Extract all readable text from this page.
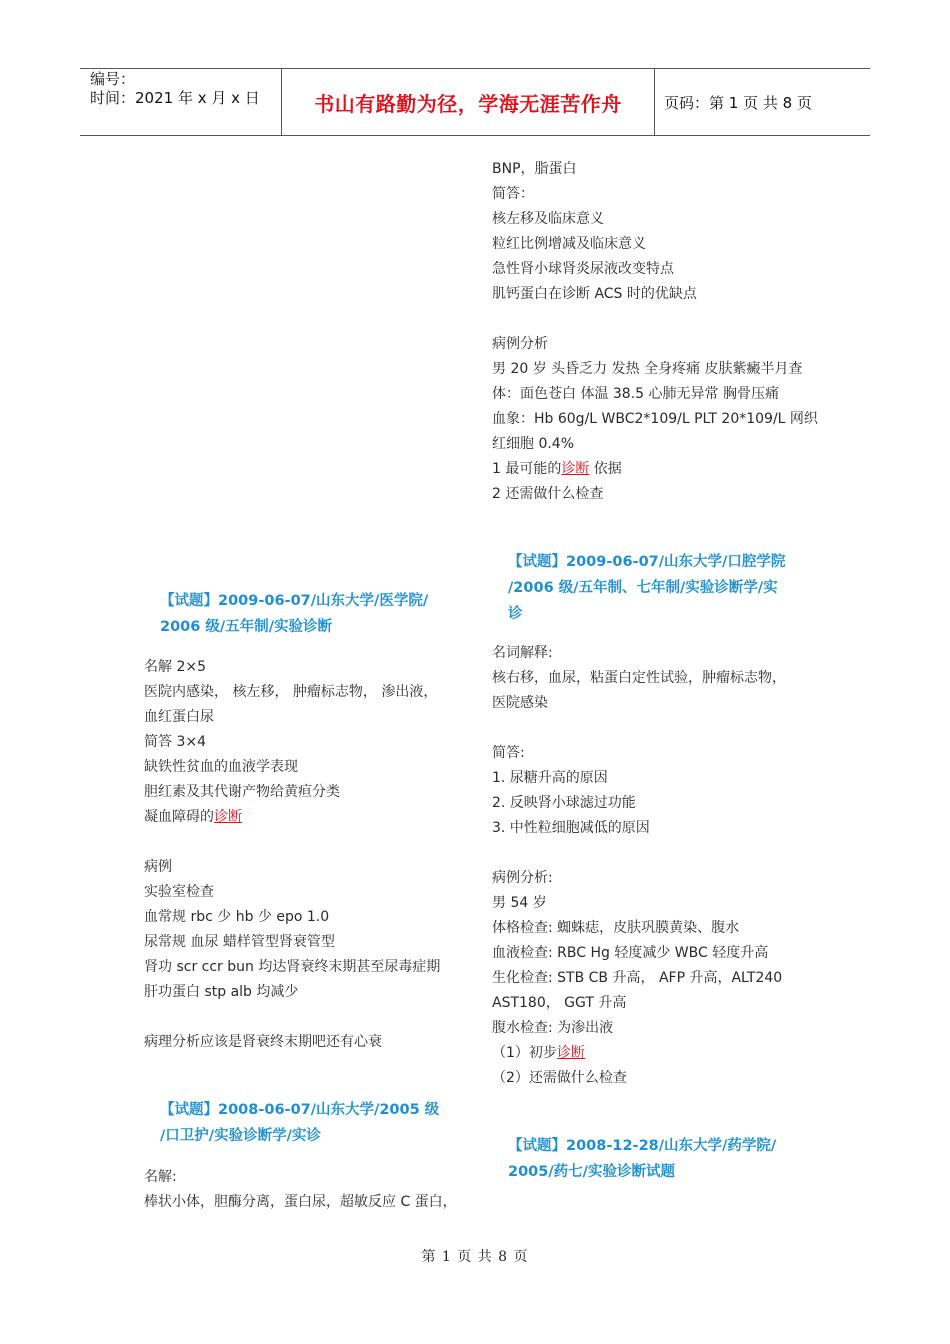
编号：
时间：2021 年 x 月 x 日	书山有路勤为径，学海无涯苦作舟	页码：第 1 页 共 8 页

BNP，脂蛋白

简答：

核左移及临床意义

粒红比例增减及临床意义

急性肾小球肾炎尿液改变特点

肌钙蛋白在诊断 ACS 时的优缺点

病例分析

男 20 岁 头昏乏力 发热 全身疼痛 皮肤紫癜半月查

体：面色苍白 体温 38.5 心肺无异常 胸骨压痛

血象：Hb 60g/L WBC2*109/L PLT 20*109/L 网织

红细胞 0.4%

1 最可能的诊断 依据

2 还需做什么检查

【试题】2009-06-07/山东大学/口腔学院

/2006 级/五年制、七年制/实验诊断学/实

诊

名词解释:

核右移，血尿，粘蛋白定性试验，肿瘤标志物，

医院感染

简答:

1. 尿糖升高的原因

2. 反映肾小球滤过功能

3. 中性粒细胞减低的原因

病例分析:

男 54 岁

体格检查: 蜘蛛痣，皮肤巩膜黄染、腹水

血液检查: RBC Hg 轻度减少 WBC 轻度升高

生化检查: STB CB 升高， AFP 升高，ALT240

AST180， GGT 升高

腹水检查: 为渗出液

（1）初步诊断

（2）还需做什么检查

【试题】2008-12-28/山东大学/药学院/

2005/药七/实验诊断试题

【试题】2009-06-07/山东大学/医学院/

2006 级/五年制/实验诊断

名解 2×5

医院内感染， 核左移， 肿瘤标志物， 渗出液，

血红蛋白尿

简答 3×4

缺铁性贫血的血液学表现

胆红素及其代谢产物给黄疸分类

凝血障碍的诊断

病例

实验室检查

血常规 rbc 少 hb 少 epo 1.0

尿常规 血尿 蜡样管型肾衰管型

肾功 scr ccr bun 均达肾衰终末期甚至尿毒症期

肝功蛋白 stp alb 均减少

病理分析应该是肾衰终末期吧还有心衰

【试题】2008-06-07/山东大学/2005 级

/口卫护/实验诊断学/实诊

名解:

棒状小体，胆酶分离，蛋白尿，超敏反应 C 蛋白，

第 1 页 共 8 页
